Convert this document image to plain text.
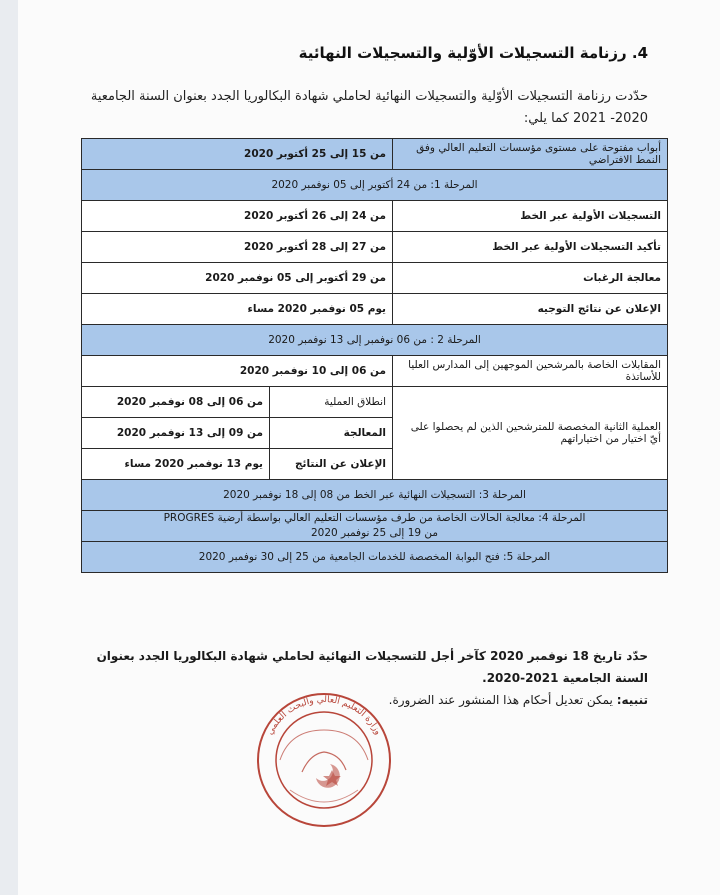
4. رزنامة التسجيلات الأوّلية والتسجيلات النهائية
حدّدت رزنامة التسجيلات الأوّلية والتسجيلات النهائية لحاملي شهادة البكالوريا الجدد بعنوان السنة الجامعية 2020- 2021 كما يلي:
أبواب مفتوحة على مستوى مؤسسات التعليم العالي وفق النمط الافتراضي	من 15 إلى 25 أكتوبر 2020	
المرحلة 1: من 24 أكتوبر إلى 05 نوفمبر 2020		
التسجيلات الأولية عبر الخط	من 24 إلى 26 أكتوبر 2020	
تأكيد التسجيلات الأولية عبر الخط	من 27 إلى 28 أكتوبر 2020	
معالجة الرغبات	من 29 أكتوبر إلى 05 نوفمبر 2020	
الإعلان عن نتائج التوجيه	يوم 05 نوفمبر 2020 مساء	
المرحلة 2 : من 06 نوفمبر إلى 13 نوفمبر 2020		
المقابلات الخاصة بالمرشحين الموجهين إلى المدارس العليا للأساتذة	من 06 إلى 10 نوفمبر 2020	
العملية الثانية المخصصة للمترشحين الذين لم يحصلوا على أيّ اختيار من اختياراتهم	انطلاق العملية	من 06 إلى 08 نوفمبر 2020
	المعالجة	من 09 إلى 13 نوفمبر 2020
	الإعلان عن النتائج	يوم 13 نوفمبر 2020 مساء
المرحلة 3: التسجيلات النهائية عبر الخط من 08 إلى 18 نوفمبر 2020		

المرحلة 4: معالجة الحالات الخاصة من طرف مؤسسات التعليم العالي بواسطة أرضية PROGRES
من 19 إلى 25 نوفمبر 2020		

المرحلة 5: فتح البوابة المخصصة للخدمات الجامعية من 25 إلى 30 نوفمبر 2020		
حدّد تاريخ 18 نوفمبر 2020 كآخر أجل للتسجيلات النهائية لحاملي شهادة البكالوريا الجدد بعنوان السنة الجامعية 2021-2020.
تنبيه: يمكن تعديل أحكام هذا المنشور عند الضرورة.
وزارة التعليم العالي والبحث العلمي
